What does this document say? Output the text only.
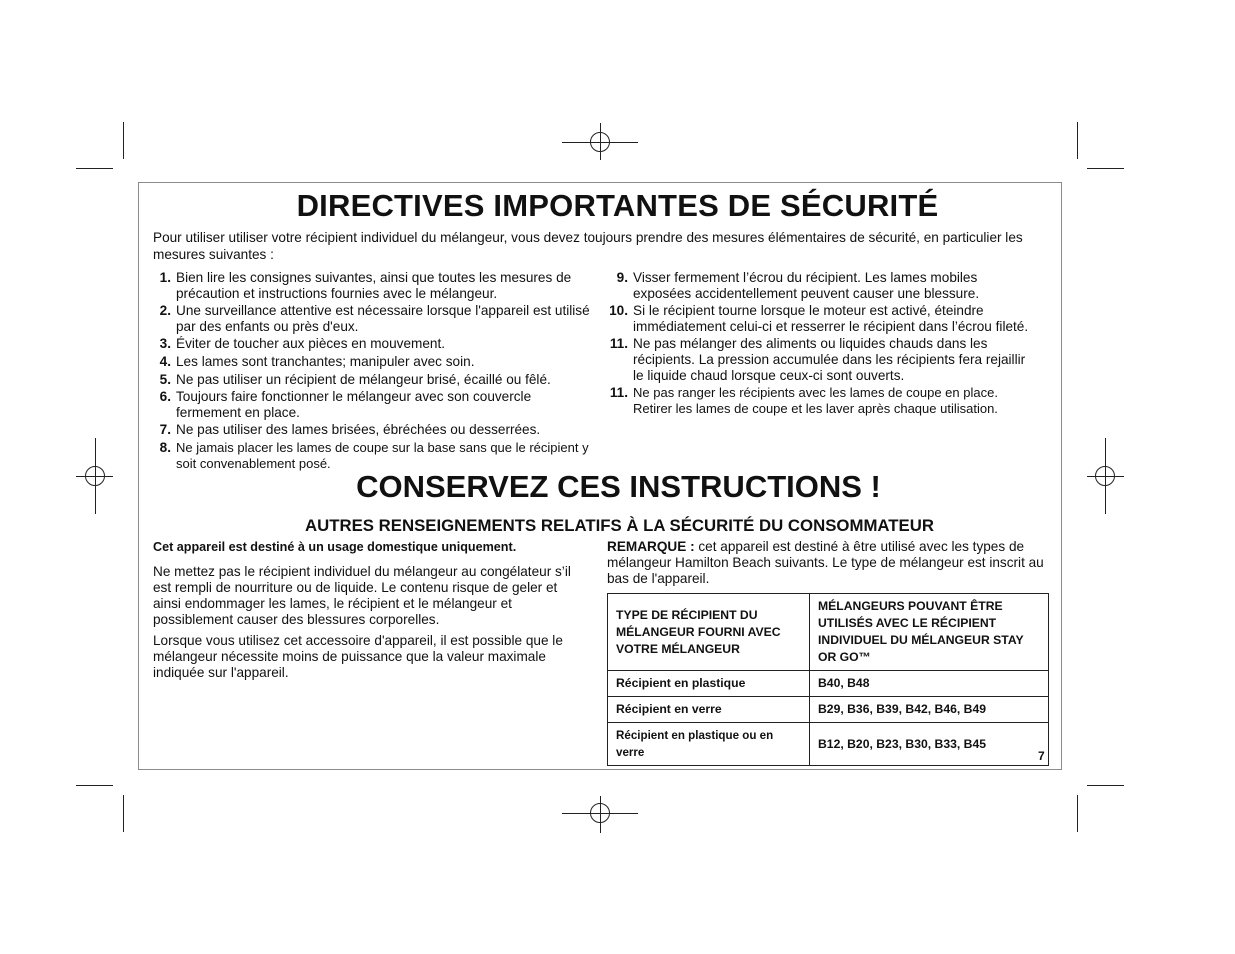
DIRECTIVES IMPORTANTES DE SÉCURITÉ
Pour utiliser utiliser votre récipient individuel du mélangeur, vous devez toujours prendre des mesures élémentaires de sécurité, en particulier les mesures suivantes :
1. Bien lire les consignes suivantes, ainsi que toutes les mesures de précaution et instructions fournies avec le mélangeur.
2. Une surveillance attentive est nécessaire lorsque l'appareil est utilisé par des enfants ou près d'eux.
3. Éviter de toucher aux pièces en mouvement.
4. Les lames sont tranchantes; manipuler avec soin.
5. Ne pas utiliser un récipient de mélangeur brisé, écaillé ou fêlé.
6. Toujours faire fonctionner le mélangeur avec son couvercle fermement en place.
7. Ne pas utiliser des lames brisées, ébréchées ou desserrées.
8. Ne jamais placer les lames de coupe sur la base sans que le récipient y soit convenablement posé.
9. Visser fermement l’écrou du récipient. Les lames mobiles exposées accidentellement peuvent causer une blessure.
10. Si le récipient tourne lorsque le moteur est activé, éteindre immédiatement celui-ci et resserrer le récipient dans l’écrou fileté.
11. Ne pas mélanger des aliments ou liquides chauds dans les récipients. La pression accumulée dans les récipients fera rejaillir le liquide chaud lorsque ceux-ci sont ouverts.
11. Ne pas ranger les récipients avec les lames de coupe en place. Retirer les lames de coupe et les laver après chaque utilisation.
CONSERVEZ CES INSTRUCTIONS !
AUTRES RENSEIGNEMENTS RELATIFS À LA SÉCURITÉ DU CONSOMMATEUR

Cet appareil est destiné à un usage domestique uniquement.

Ne mettez pas le récipient individuel du mélangeur au congélateur s’il est rempli de nourriture ou de liquide. Le contenu risque de geler et ainsi endommager les lames, le récipient et le mélangeur et possiblement causer des blessures corporelles.

Lorsque vous utilisez cet accessoire d'appareil, il est possible que le mélangeur nécessite moins de puissance que la valeur maximale indiquée sur l'appareil.

REMARQUE : cet appareil est destiné à être utilisé avec les types de mélangeur Hamilton Beach suivants. Le type de mélangeur est inscrit au bas de l'appareil.

TYPE DE RÉCIPIENT DU MÉLANGEUR FOURNI AVEC VOTRE MÉLANGEUR	MÉLANGEURS POUVANT ÊTRE UTILISÉS AVEC LE RÉCIPIENT INDIVIDUEL DU MÉLANGEUR STAY OR GO™
Récipient en plastique	B40, B48
Récipient en verre	B29, B36, B39, B42, B46, B49
Récipient en plastique ou en verre	B12, B20, B23, B30, B33, B45
7
